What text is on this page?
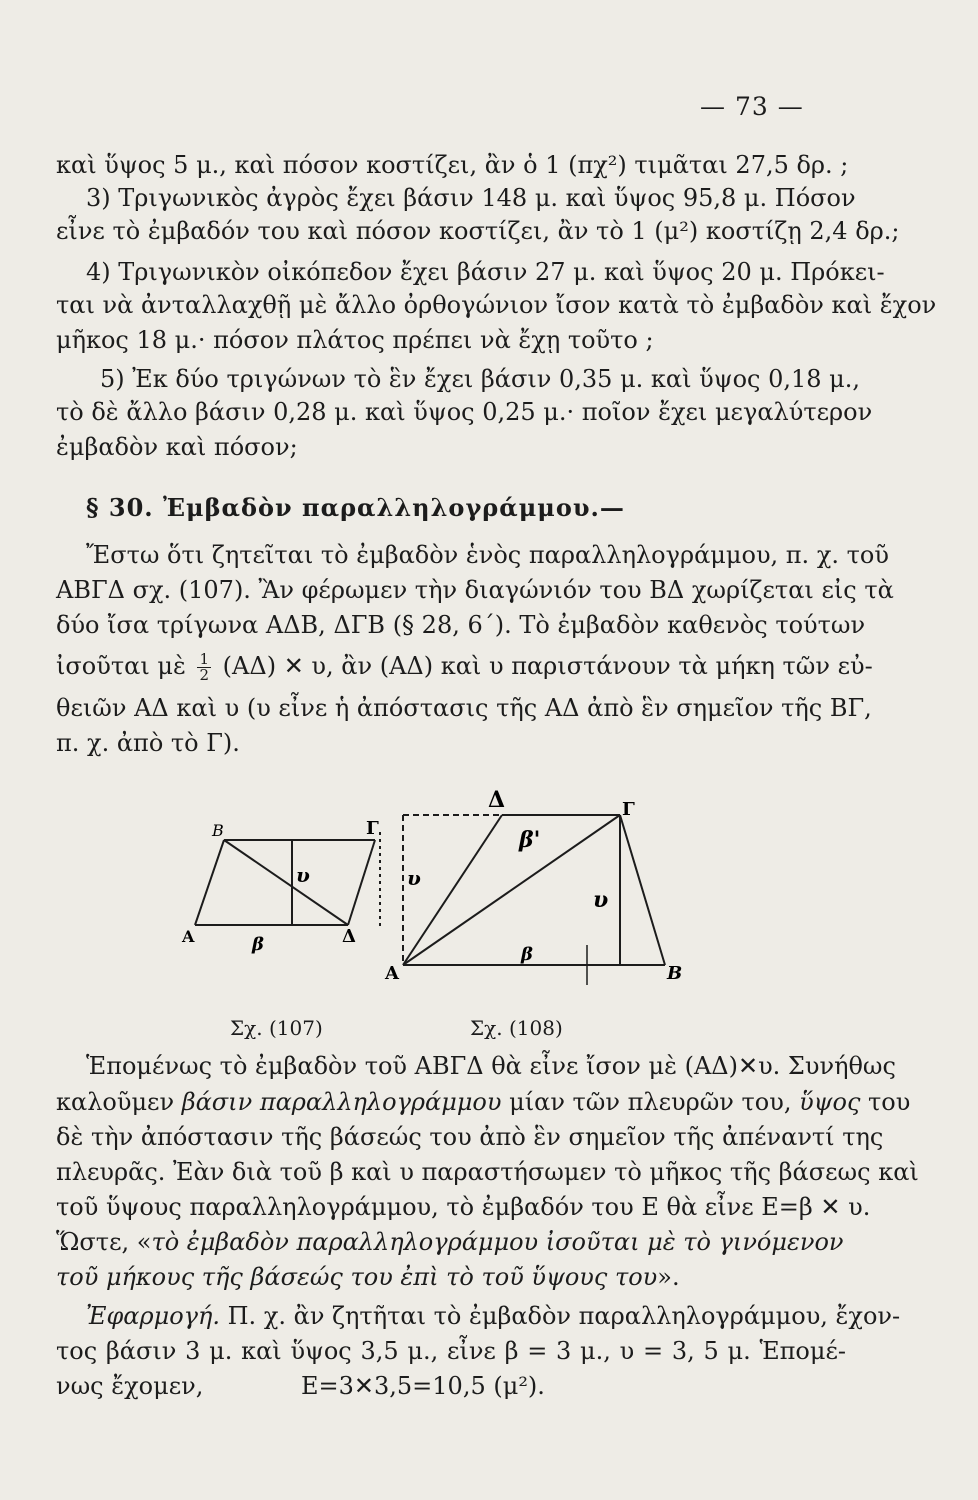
— 73 —
καὶ ὕψος 5 μ., καὶ πόσον κοστίζει, ἂν ὁ 1 (πχ²) τιμᾶται 27,5 δρ. ;
3) Τριγωνικὸς ἀγρὸς ἔχει βάσιν 148 μ. καὶ ὕψος 95,8 μ. Πόσον
εἶνε τὸ ἐμβαδόν του καὶ πόσον κοστίζει, ἂν τὸ 1 (μ²) κοστίζῃ 2,4 δρ.;
4) Τριγωνικὸν οἰκόπεδον ἔχει βάσιν 27 μ. καὶ ὕψος 20 μ. Πρόκει-
ται νὰ ἀνταλλαχθῇ μὲ ἄλλο ὀρθογώνιον ἴσον κατὰ τὸ ἐμβαδὸν καὶ ἔχον
μῆκος 18 μ.· πόσον πλάτος πρέπει νὰ ἔχῃ τοῦτο ;
5) Ἐκ δύο τριγώνων τὸ ἓν ἔχει βάσιν 0,35 μ. καὶ ὕψος 0,18 μ.,
τὸ δὲ ἄλλο βάσιν 0,28 μ. καὶ ὕψος 0,25 μ.· ποῖον ἔχει μεγαλύτερον
ἐμβαδὸν καὶ πόσον;
§ 30. Ἐμβαδὸν παραλληλογράμμου.—
Ἔστω ὅτι ζητεῖται τὸ ἐμβαδὸν ἑνὸς παραλληλογράμμου, π. χ. τοῦ
ΑΒΓΔ σχ. (107). Ἂν φέρωμεν τὴν διαγώνιόν του ΒΔ χωρίζεται εἰς τὰ
δύο ἴσα τρίγωνα ΑΔΒ, ΔΓΒ (§ 28, 6΄). Τὸ ἐμβαδὸν καθενὸς τούτων
ἰσοῦται μὲ $\frac{1}{2} (A\Delta)$ ✕ υ, ἂν (ΑΔ) καὶ υ παριστάνουν τὰ μήκη τῶν εὐ-
θειῶν ΑΔ καὶ υ (υ εἶνε ἡ ἀπόστασις τῆς ΑΔ ἀπὸ ἓν σημεῖον τῆς ΒΓ,
π. χ. ἀπὸ τὸ Γ).
B	Γ
A	Δ
β
υ
Δ	Γ
A	B
β
β'
υ
υ
Σχ. (107)	Σχ. (108)
Ἑπομένως τὸ ἐμβαδὸν τοῦ ΑΒΓΔ θὰ εἶνε ἴσον μὲ (ΑΔ)✕υ. Συνήθως
καλοῦμεν βάσιν παραλληλογράμμου μίαν τῶν πλευρῶν του, ὕψος του
δὲ τὴν ἀπόστασιν τῆς βάσεώς του ἀπὸ ἓν σημεῖον τῆς ἀπέναντί της
πλευρᾶς. Ἐὰν διὰ τοῦ β καὶ υ παραστήσωμεν τὸ μῆκος τῆς βάσεως καὶ
τοῦ ὕψους παραλληλογράμμου, τὸ ἐμβαδόν του Ε θὰ εἶνε Ε=β ✕ υ.
Ὥστε, «τὸ ἐμβαδὸν παραλληλογράμμου ἰσοῦται μὲ τὸ γινόμενον
τοῦ μήκους τῆς βάσεώς του ἐπὶ τὸ τοῦ ὕψους του».
Ἐφαρμογή. Π. χ. ἂν ζητῆται τὸ ἐμβαδὸν παραλληλογράμμου, ἔχον-
τος βάσιν 3 μ. καὶ ὕψος 3,5 μ., εἶνε β = 3 μ., υ = 3, 5 μ. Ἑπομέ-
νως ἔχομεν,	Ε=3✕3,5=10,5 (μ²).
